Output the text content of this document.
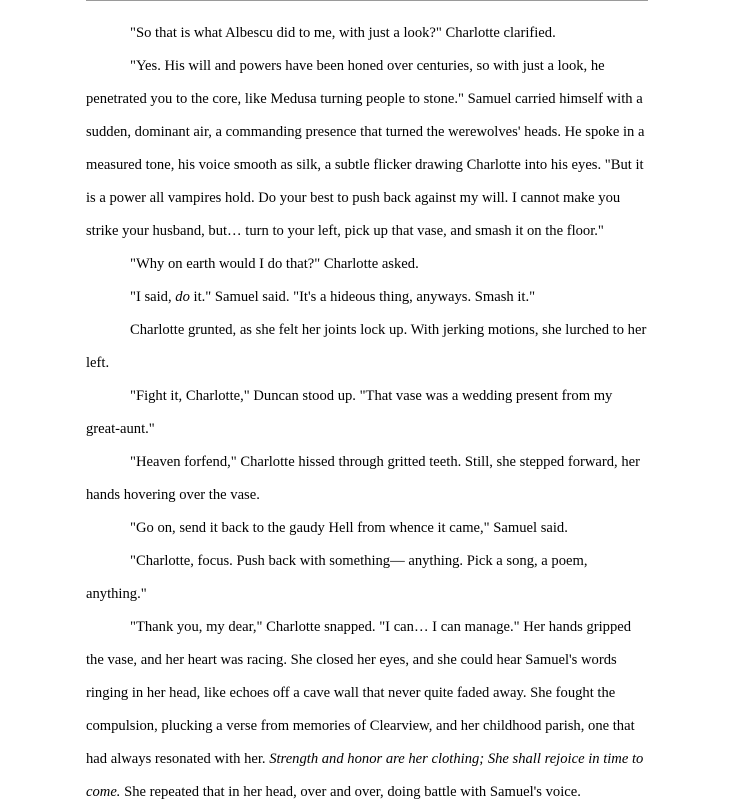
"So that is what Albescu did to me, with just a look?" Charlotte clarified.

"Yes. His will and powers have been honed over centuries, so with just a look, he penetrated you to the core, like Medusa turning people to stone." Samuel carried himself with a sudden, dominant air, a commanding presence that turned the werewolves' heads. He spoke in a measured tone, his voice smooth as silk, a subtle flicker drawing Charlotte into his eyes. "But it is a power all vampires hold. Do your best to push back against my will. I cannot make you strike your husband, but… turn to your left, pick up that vase, and smash it on the floor."

"Why on earth would I do that?" Charlotte asked.

"I said, do it." Samuel said. "It's a hideous thing, anyways. Smash it."

Charlotte grunted, as she felt her joints lock up. With jerking motions, she lurched to her left.

"Fight it, Charlotte," Duncan stood up. "That vase was a wedding present from my great-aunt."

"Heaven forfend," Charlotte hissed through gritted teeth. Still, she stepped forward, her hands hovering over the vase.

"Go on, send it back to the gaudy Hell from whence it came," Samuel said.

"Charlotte, focus. Push back with something— anything. Pick a song, a poem, anything."

"Thank you, my dear," Charlotte snapped. "I can… I can manage." Her hands gripped the vase, and her heart was racing. She closed her eyes, and she could hear Samuel's words ringing in her head, like echoes off a cave wall that never quite faded away. She fought the compulsion, plucking a verse from memories of Clearview, and her childhood parish, one that had always resonated with her. Strength and honor are her clothing; She shall rejoice in time to come. She repeated that in her head, over and over, doing battle with Samuel's voice.
